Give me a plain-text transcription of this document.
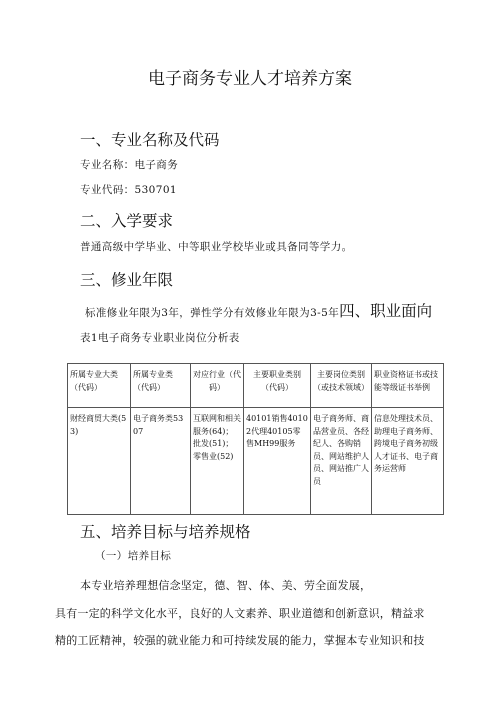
电子商务专业人才培养方案
一、专业名称及代码
专业名称：电子商务
专业代码：530701
二、入学要求
普通高级中学毕业、中等职业学校毕业或具备同等学力。
三、修业年限
标准修业年限为3年，弹性学分有效修业年限为3-5年四、职业面向
表1电子商务专业职业岗位分析表
所属专业大类（代码）	所属专业类（代码）	对应行业（代码）	主要职业类别（代码）	主要岗位类别（或技术领域）	职业资格证书或技能等级证书举例
财经商贸大类(53)	电子商务类5307	互联网和相关服务(64)；批发(51)；零售业(52)	40101销售40102代理40105零售MH99服务	电子商务师、商品营业员、各经纪人、各购销员、网站维护人员、网站推广人员	信息处理技术员、助理电子商务师、跨境电子商务初级人才证书、电子商务运营师
五、培养目标与培养规格
（一）培养目标
本专业培养理想信念坚定，德、智、体、美、劳全面发展，
具有一定的科学文化水平，良好的人文素养、职业道德和创新意识，精益求
精的工匠精神，较强的就业能力和可持续发展的能力，掌握本专业知识和技
